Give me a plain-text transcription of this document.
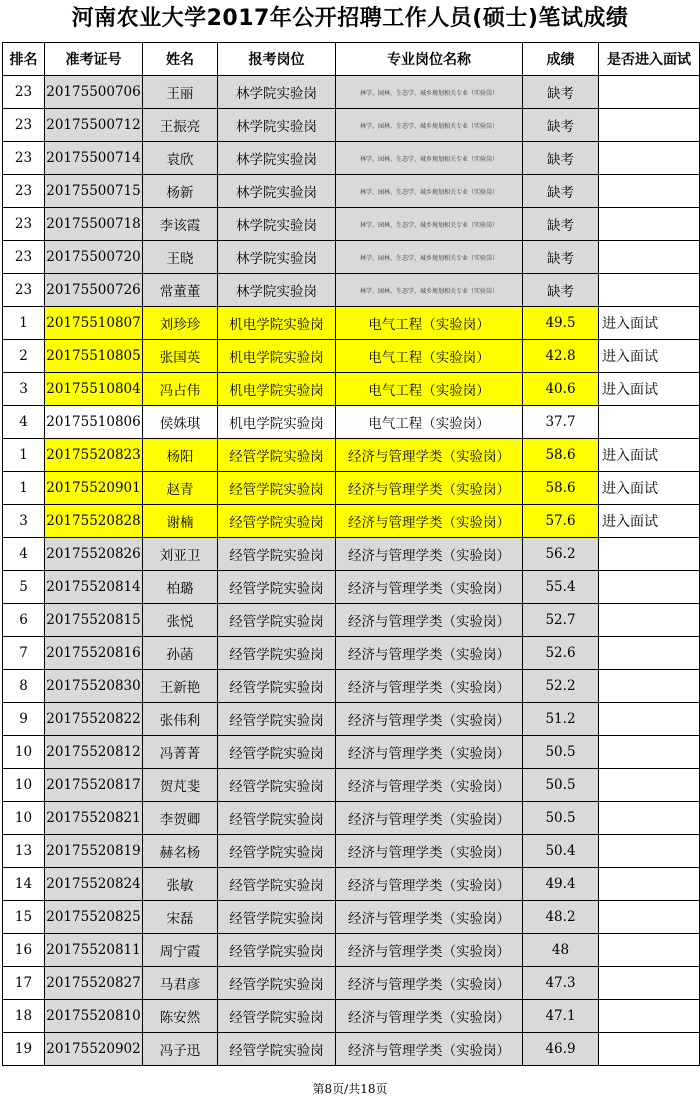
河南农业大学2017年公开招聘工作人员(硕士)笔试成绩
排名	准考证号	姓名	报考岗位	专业岗位名称	成绩	是否进入面试
23	20175500706	王丽	林学院实验岗	林学、园林、生态学、城乡规划相关专业（实验岗）	缺考	
23	20175500712	王振亮	林学院实验岗	林学、园林、生态学、城乡规划相关专业（实验岗）	缺考	
23	20175500714	袁欣	林学院实验岗	林学、园林、生态学、城乡规划相关专业（实验岗）	缺考	
23	20175500715	杨新	林学院实验岗	林学、园林、生态学、城乡规划相关专业（实验岗）	缺考	
23	20175500718	李该霞	林学院实验岗	林学、园林、生态学、城乡规划相关专业（实验岗）	缺考	
23	20175500720	王晓	林学院实验岗	林学、园林、生态学、城乡规划相关专业（实验岗）	缺考	
23	20175500726	常董董	林学院实验岗	林学、园林、生态学、城乡规划相关专业（实验岗）	缺考	
1	20175510807	刘珍珍	机电学院实验岗	电气工程（实验岗）	49.5	进入面试
2	20175510805	张国英	机电学院实验岗	电气工程（实验岗）	42.8	进入面试
3	20175510804	冯占伟	机电学院实验岗	电气工程（实验岗）	40.6	进入面试
4	20175510806	侯姝琪	机电学院实验岗	电气工程（实验岗）	37.7	
1	20175520823	杨阳	经管学院实验岗	经济与管理学类（实验岗）	58.6	进入面试
1	20175520901	赵青	经管学院实验岗	经济与管理学类（实验岗）	58.6	进入面试
3	20175520828	谢楠	经管学院实验岗	经济与管理学类（实验岗）	57.6	进入面试
4	20175520826	刘亚卫	经管学院实验岗	经济与管理学类（实验岗）	56.2	
5	20175520814	柏璐	经管学院实验岗	经济与管理学类（实验岗）	55.4	
6	20175520815	张悦	经管学院实验岗	经济与管理学类（实验岗）	52.7	
7	20175520816	孙菡	经管学院实验岗	经济与管理学类（实验岗）	52.6	
8	20175520830	王新艳	经管学院实验岗	经济与管理学类（实验岗）	52.2	
9	20175520822	张伟利	经管学院实验岗	经济与管理学类（实验岗）	51.2	
10	20175520812	冯菁菁	经管学院实验岗	经济与管理学类（实验岗）	50.5	
10	20175520817	贺芃斐	经管学院实验岗	经济与管理学类（实验岗）	50.5	
10	20175520821	李贺卿	经管学院实验岗	经济与管理学类（实验岗）	50.5	
13	20175520819	赫名杨	经管学院实验岗	经济与管理学类（实验岗）	50.4	
14	20175520824	张敏	经管学院实验岗	经济与管理学类（实验岗）	49.4	
15	20175520825	宋磊	经管学院实验岗	经济与管理学类（实验岗）	48.2	
16	20175520811	周宁霞	经管学院实验岗	经济与管理学类（实验岗）	48	
17	20175520827	马君彦	经管学院实验岗	经济与管理学类（实验岗）	47.3	
18	20175520810	陈安然	经管学院实验岗	经济与管理学类（实验岗）	47.1	
19	20175520902	冯子迅	经管学院实验岗	经济与管理学类（实验岗）	46.9	
第8页/共18页
